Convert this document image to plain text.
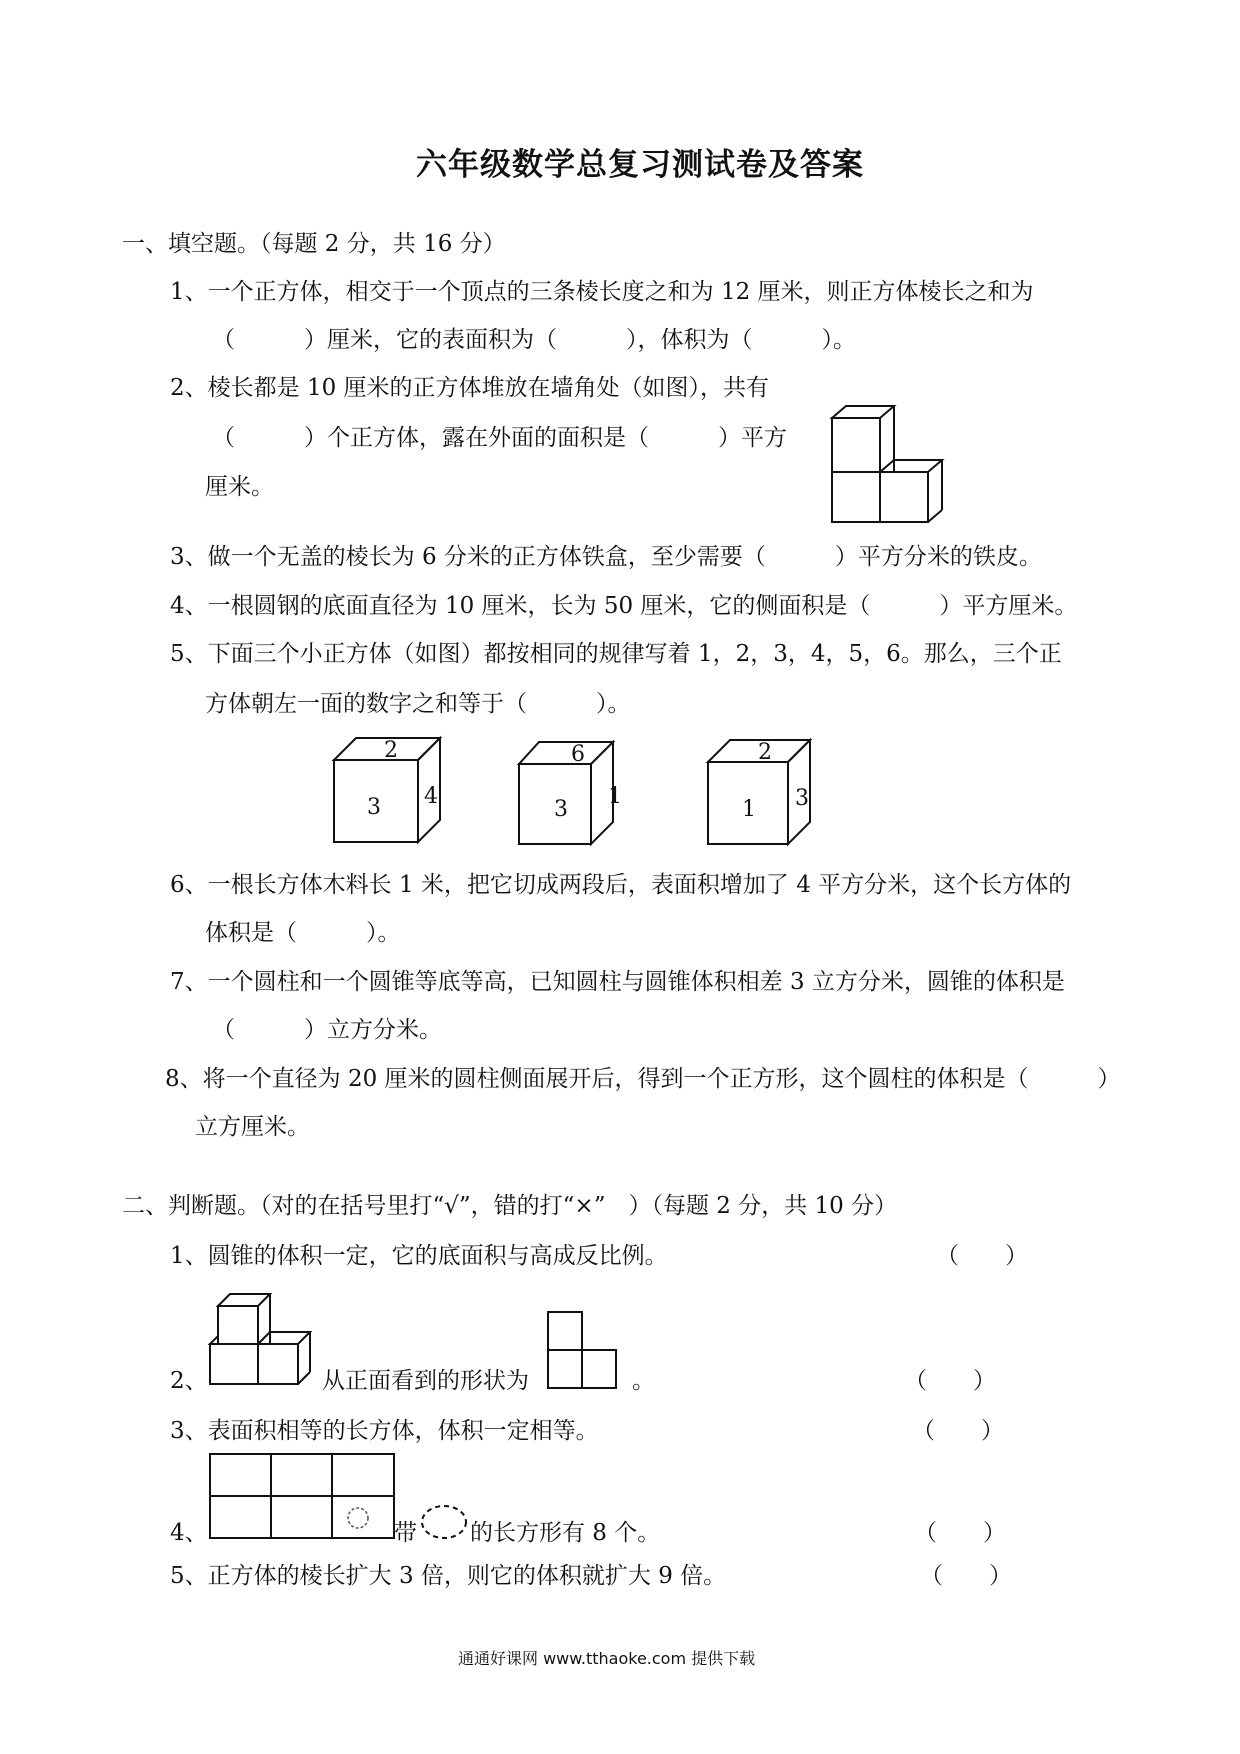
六年级数学总复习测试卷及答案
一、填空题。（每题 2 分，共 16 分）
1、一个正方体，相交于一个顶点的三条棱长度之和为 12 厘米，则正方体棱长之和为
（　　　）厘米，它的表面积为（　　　），体积为（　　　）。
2、棱长都是 10 厘米的正方体堆放在墙角处（如图），共有
（　　　）个正方体，露在外面的面积是（　　　）平方
厘米。
3、做一个无盖的棱长为 6 分米的正方体铁盒，至少需要（　　　）平方分米的铁皮。
4、一根圆钢的底面直径为 10 厘米，长为 50 厘米，它的侧面积是（　　　）平方厘米。
5、下面三个小正方体（如图）都按相同的规律写着 1，2，3，4，5，6。那么，三个正
方体朝左一面的数字之和等于（　　　）。
2
3 4
6
3
1
2
1 3
6、一根长方体木料长 1 米，把它切成两段后，表面积增加了 4 平方分米，这个长方体的
体积是（　　　）。
7、一个圆柱和一个圆锥等底等高，已知圆柱与圆锥体积相差 3 立方分米，圆锥的体积是
（　　　）立方分米。
8、将一个直径为 20 厘米的圆柱侧面展开后，得到一个正方形，这个圆柱的体积是（　　　）
立方厘米。
二、判断题。（对的在括号里打“√”，错的打“×”　）（每题 2 分，共 10 分）
1、圆锥的体积一定，它的底面积与高成反比例。	（　　）
2、	从正面看到的形状为	。	（　　）
3、表面积相等的长方体，体积一定相等。	（　　）
4、	带 的长方形有 8 个。	（　　）
5、正方体的棱长扩大 3 倍，则它的体积就扩大 9 倍。	（　　）
通通好课网 www.tthaoke.com 提供下载
